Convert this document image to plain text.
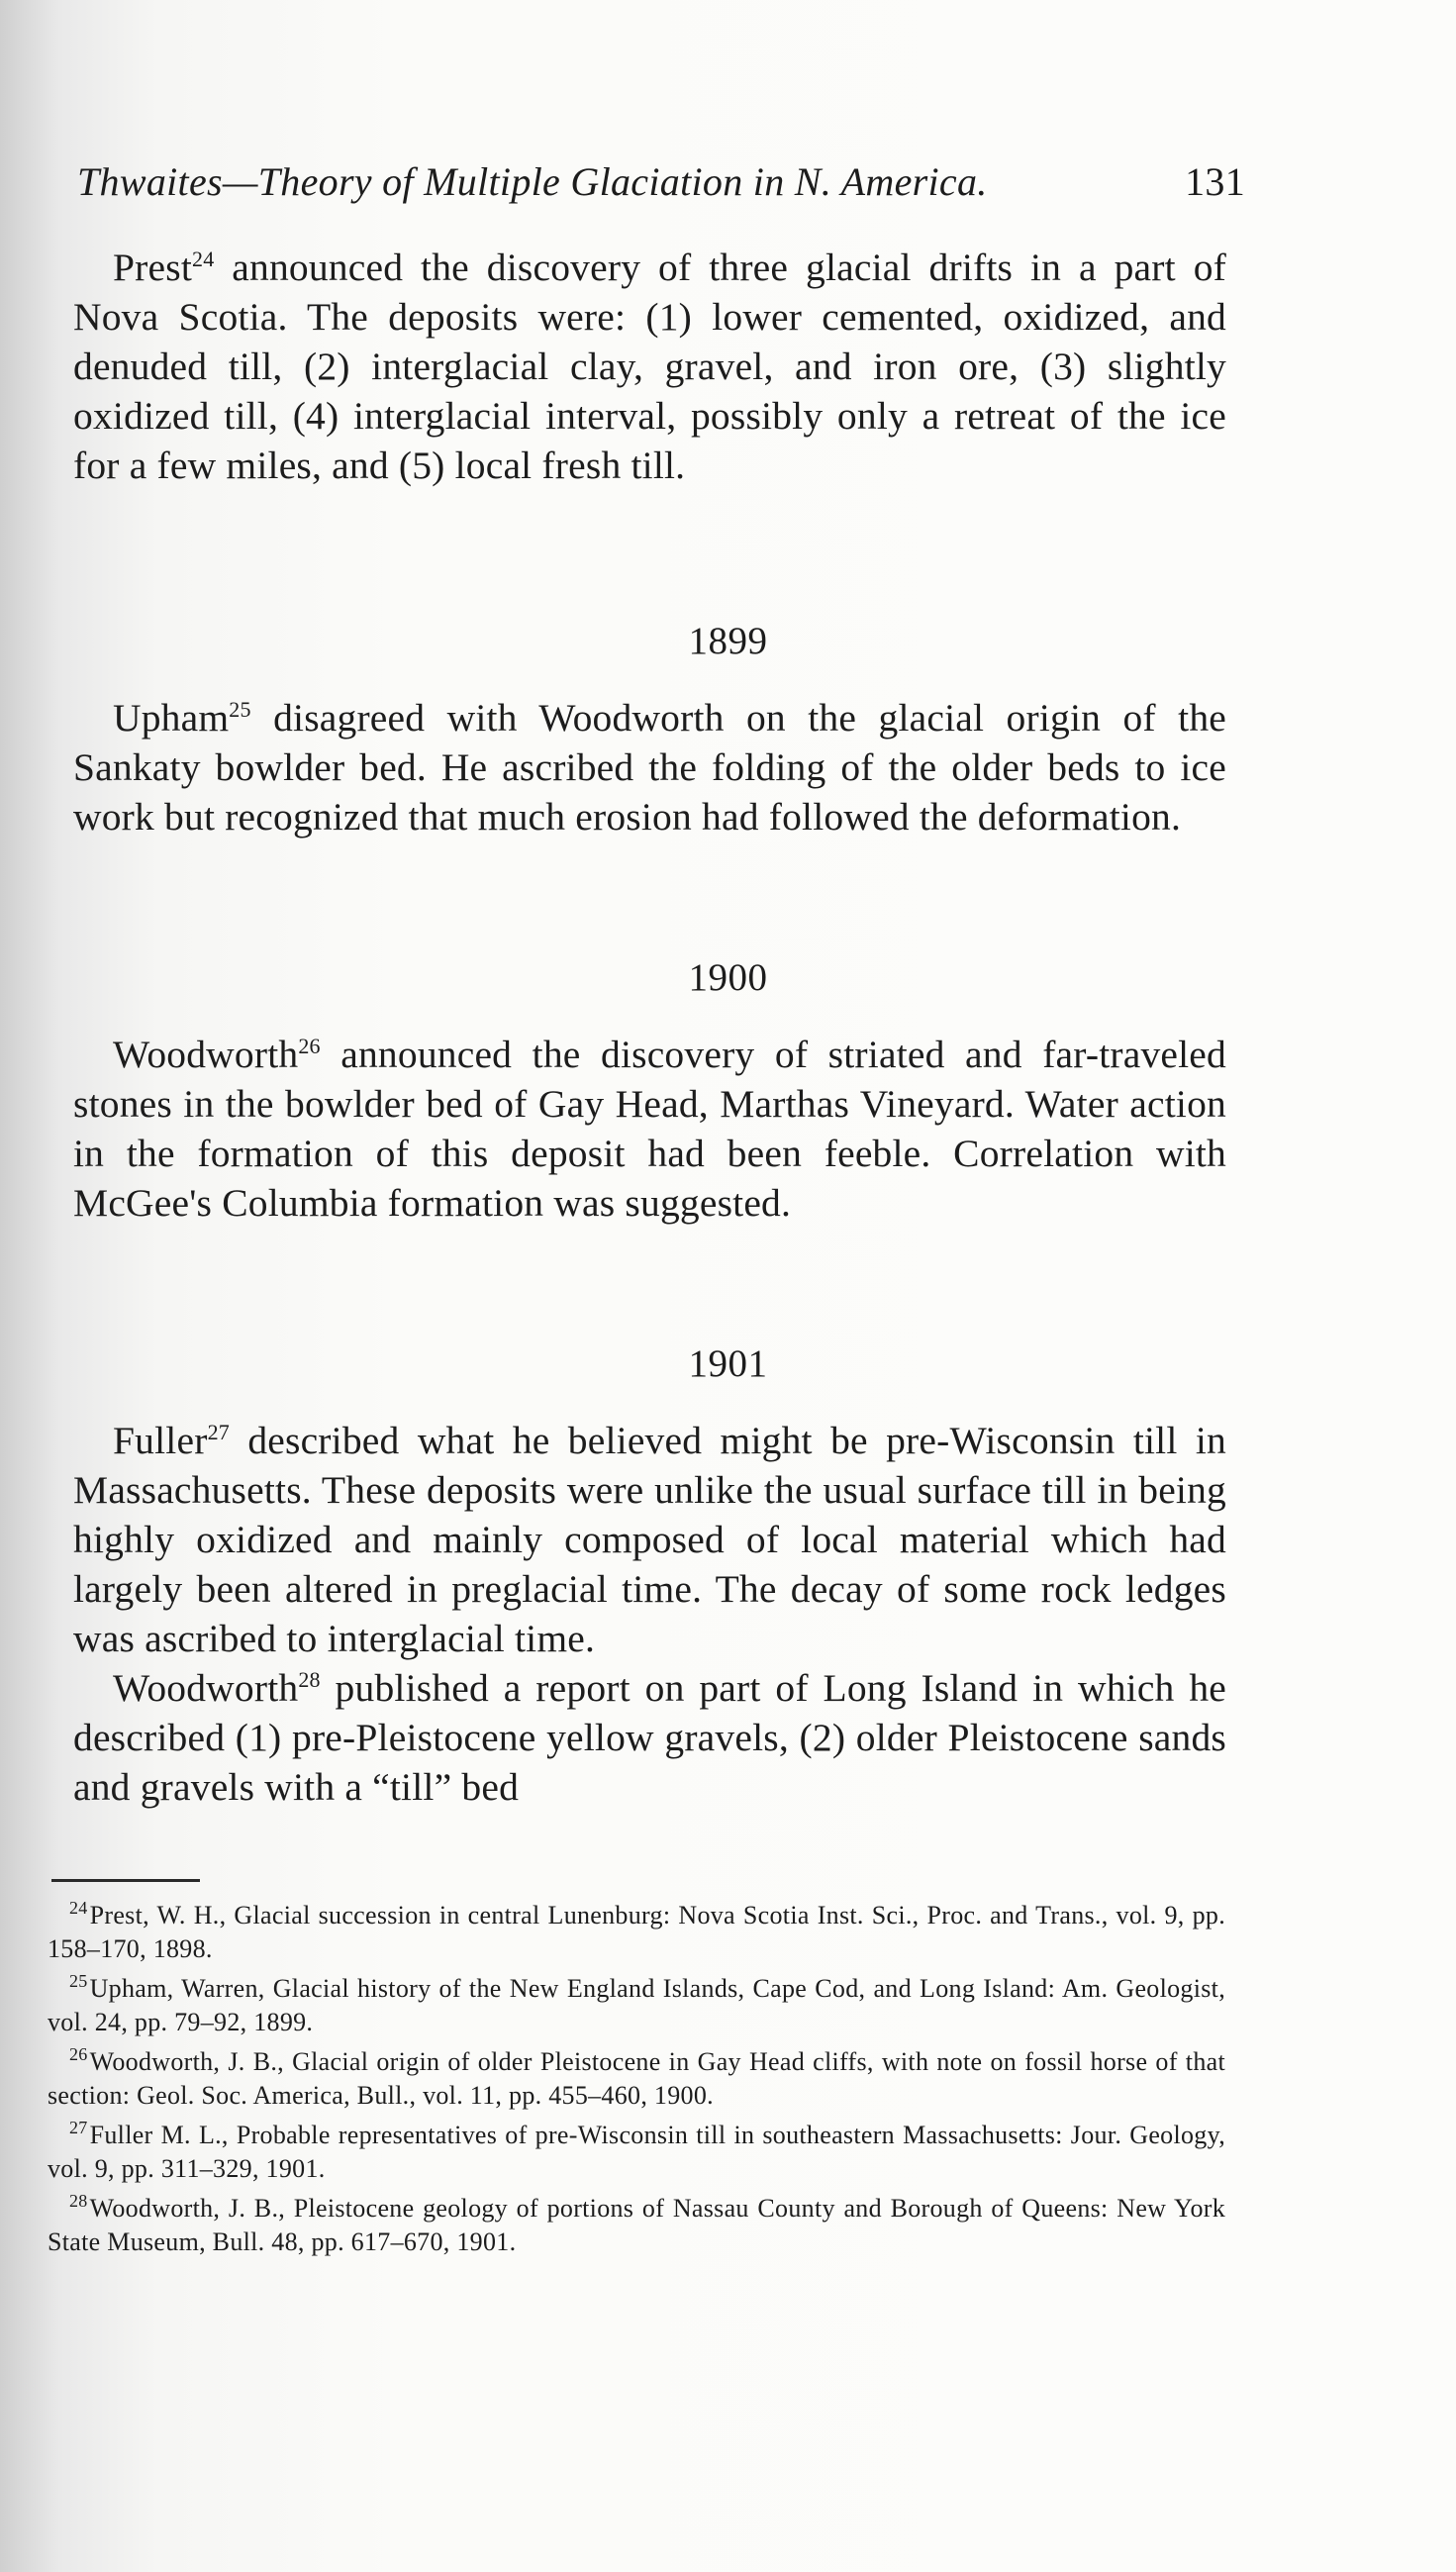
Thwaites—Theory of Multiple Glaciation in N. America.	131

Prest$^{24}$ announced the discovery of three glacial drifts in a part of Nova Scotia. The deposits were: (1) lower cemented, oxidized, and denuded till, (2) interglacial clay, gravel, and iron ore, (3) slightly oxidized till, (4) interglacial interval, possibly only a retreat of the ice for a few miles, and (5) local fresh till.

1899

Upham$^{25}$ disagreed with Woodworth on the glacial origin of the Sankaty bowlder bed. He ascribed the folding of the older beds to ice work but recognized that much erosion had followed the deformation.

1900

Woodworth$^{26}$ announced the discovery of striated and far-traveled stones in the bowlder bed of Gay Head, Marthas Vineyard. Water action in the formation of this deposit had been feeble. Correlation with McGee's Columbia formation was suggested.

1901

Fuller$^{27}$ described what he believed might be pre-Wisconsin till in Massachusetts. These deposits were unlike the usual surface till in being highly oxidized and mainly composed of local material which had largely been altered in preglacial time. The decay of some rock ledges was ascribed to interglacial time.

Woodworth$^{28}$ published a report on part of Long Island in which he described (1) pre-Pleistocene yellow gravels, (2) older Pleistocene sands and gravels with a “till” bed

$^{24}$Prest, W. H., Glacial succession in central Lunenburg: Nova Scotia Inst. Sci., Proc. and Trans., vol. 9, pp. 158–170, 1898.

$^{25}$Upham, Warren, Glacial history of the New England Islands, Cape Cod, and Long Island: Am. Geologist, vol. 24, pp. 79–92, 1899.

$^{26}$Woodworth, J. B., Glacial origin of older Pleistocene in Gay Head cliffs, with note on fossil horse of that section: Geol. Soc. America, Bull., vol. 11, pp. 455–460, 1900.

$^{27}$Fuller M. L., Probable representatives of pre-Wisconsin till in southeastern Massachusetts: Jour. Geology, vol. 9, pp. 311–329, 1901.

$^{28}$Woodworth, J. B., Pleistocene geology of portions of Nassau County and Borough of Queens: New York State Museum, Bull. 48, pp. 617–670, 1901.
